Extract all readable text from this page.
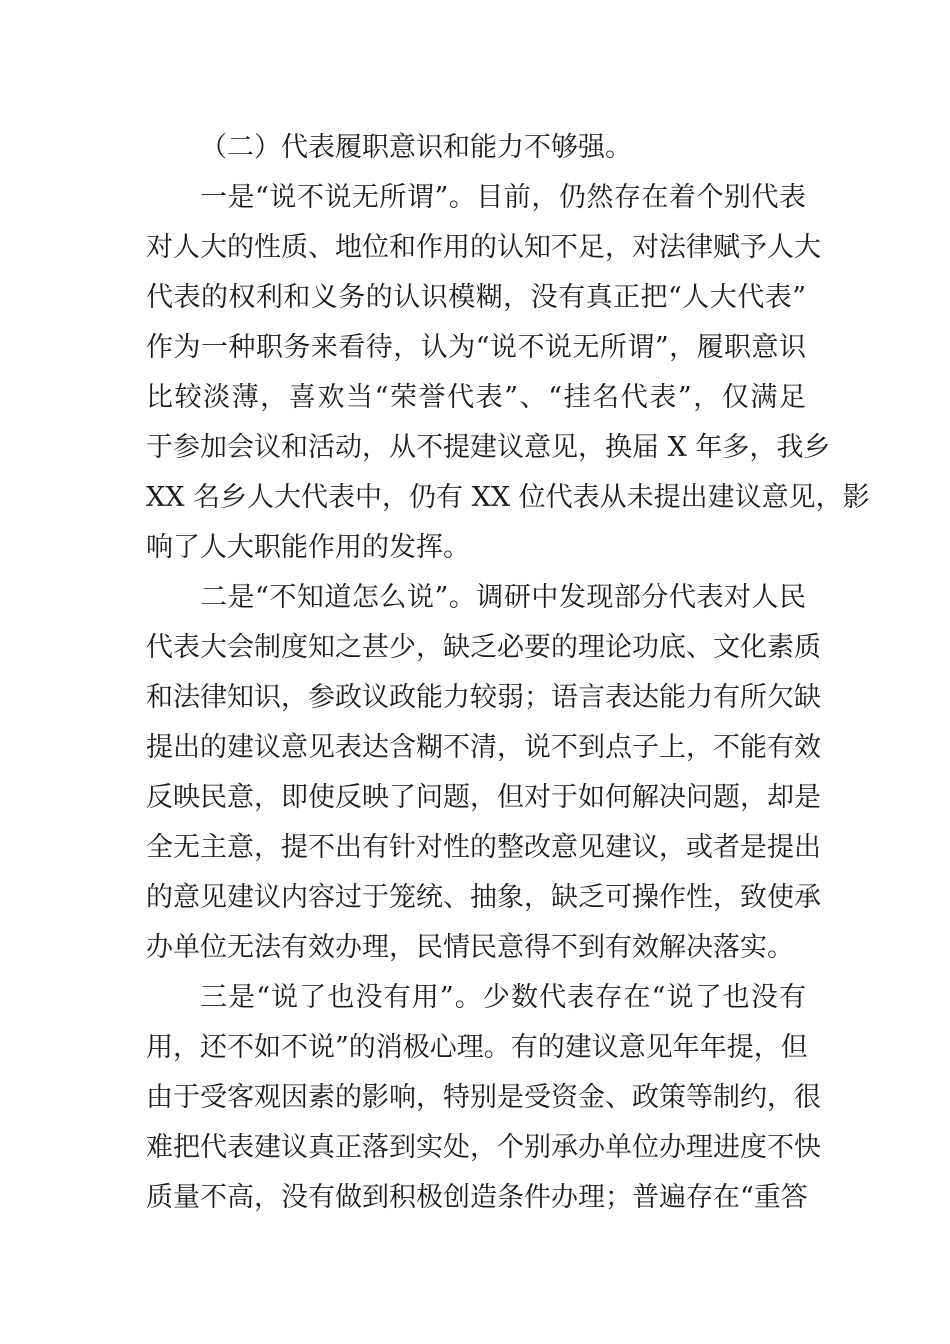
（二）代表履职意识和能力不够强。
一是“说不说无所谓”。目前，仍然存在着个别代表
对人大的性质、地位和作用的认知不足，对法律赋予人大
代表的权利和义务的认识模糊，没有真正把“人大代表”
作为一种职务来看待，认为“说不说无所谓”，履职意识
比较淡薄，喜欢当“荣誉代表”、“挂名代表”，仅满足
于参加会议和活动，从不提建议意见，换届 X 年多，我乡
XX 名乡人大代表中，仍有 XX 位代表从未提出建议意见，影
响了人大职能作用的发挥。
二是“不知道怎么说”。调研中发现部分代表对人民
代表大会制度知之甚少，缺乏必要的理论功底、文化素质
和法律知识，参政议政能力较弱；语言表达能力有所欠缺
提出的建议意见表达含糊不清，说不到点子上，不能有效
反映民意，即使反映了问题，但对于如何解决问题，却是
全无主意，提不出有针对性的整改意见建议，或者是提出
的意见建议内容过于笼统、抽象，缺乏可操作性，致使承
办单位无法有效办理，民情民意得不到有效解决落实。
三是“说了也没有用”。少数代表存在“说了也没有
用，还不如不说”的消极心理。有的建议意见年年提，但
由于受客观因素的影响，特别是受资金、政策等制约，很
难把代表建议真正落到实处，个别承办单位办理进度不快
质量不高，没有做到积极创造条件办理；普遍存在“重答
